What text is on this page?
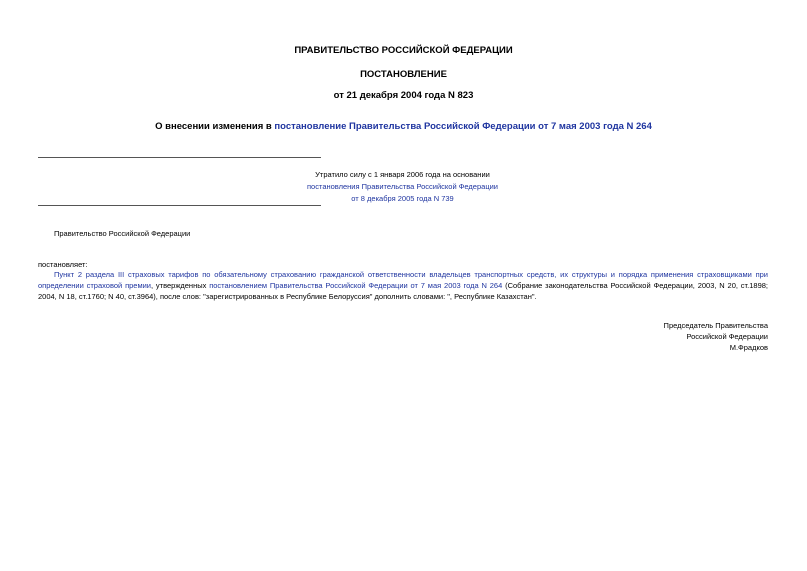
ПРАВИТЕЛЬСТВО РОССИЙСКОЙ ФЕДЕРАЦИИ
ПОСТАНОВЛЕНИЕ
от 21 декабря 2004 года N 823
О внесении изменения в постановление Правительства Российской Федерации от 7 мая 2003 года N 264
Утратило силу с 1 января 2006 года на основании
постановления Правительства Российской Федерации
от 8 декабря 2005 года N 739
Правительство Российской Федерации
постановляет:
Пункт 2 раздела III страховых тарифов по обязательному страхованию гражданской ответственности владельцев транспортных средств, их структуры и порядка применения страховщиками при определении страховой премии, утвержденных постановлением Правительства Российской Федерации от 7 мая 2003 года N 264 (Собрание законодательства Российской Федерации, 2003, N 20, ст.1898; 2004, N 18, ст.1760; N 40, ст.3964), после слов: "зарегистрированных в Республике Белоруссия" дополнить словами: ", Республике Казахстан".
Председатель Правительства
Российской Федерации
М.Фрадков
